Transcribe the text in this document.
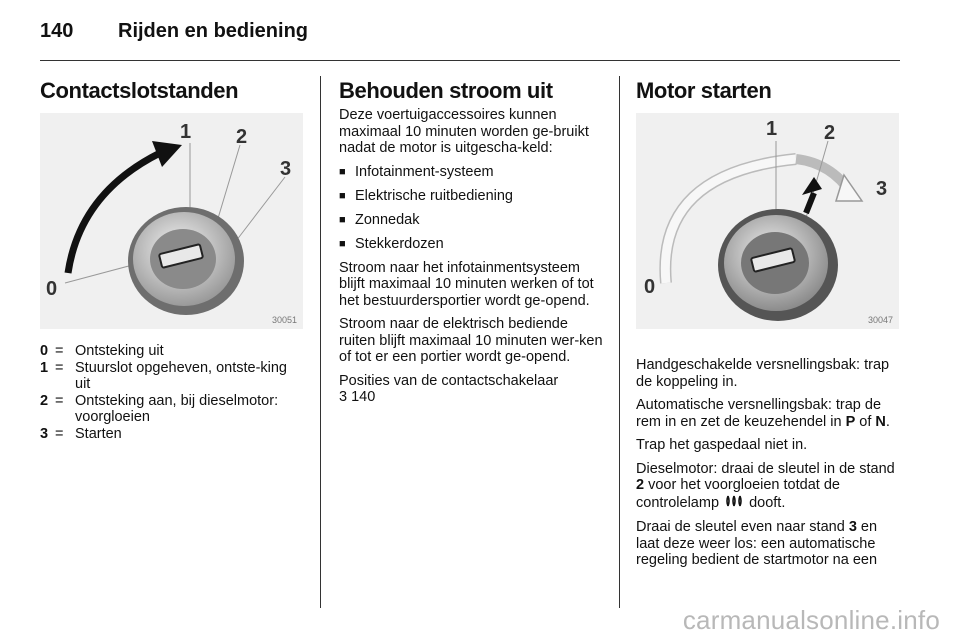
140	Rijden en bediening
Contactslotstanden
1 2
3
0
30051
0 = Ontsteking uit
1 = Stuurslot opgeheven, ontste-king uit
2 = Ontsteking aan, bij dieselmotor: voorgloeien
3 = Starten
Behouden stroom uit

Deze voertuigaccessoires kunnen maximaal 10 minuten worden ge-bruikt nadat de motor is uitgescha-keld:

■ Infotainment-systeem
■ Elektrische ruitbediening
■ Zonnedak
■ Stekkerdozen

Stroom naar het infotainmentsysteem blijft maximaal 10 minuten werken of tot het bestuurdersportier wordt ge-opend.

Stroom naar de elektrisch bediende ruiten blijft maximaal 10 minuten wer-ken of tot er een portier wordt ge-opend.

Posities van de contactschakelaar
3 140

Motor starten
1 2
3
0
30047

Handgeschakelde versnellingsbak: trap de koppeling in.

Automatische versnellingsbak: trap de rem in en zet de keuzehendel in P of N.

Trap het gaspedaal niet in.

Dieselmotor: draai de sleutel in de stand 2 voor het voorgloeien totdat de controlelamp dooft.

Draai de sleutel even naar stand 3 en laat deze weer los: een automatische regeling bedient de startmotor na een

carmanualsonline.info
